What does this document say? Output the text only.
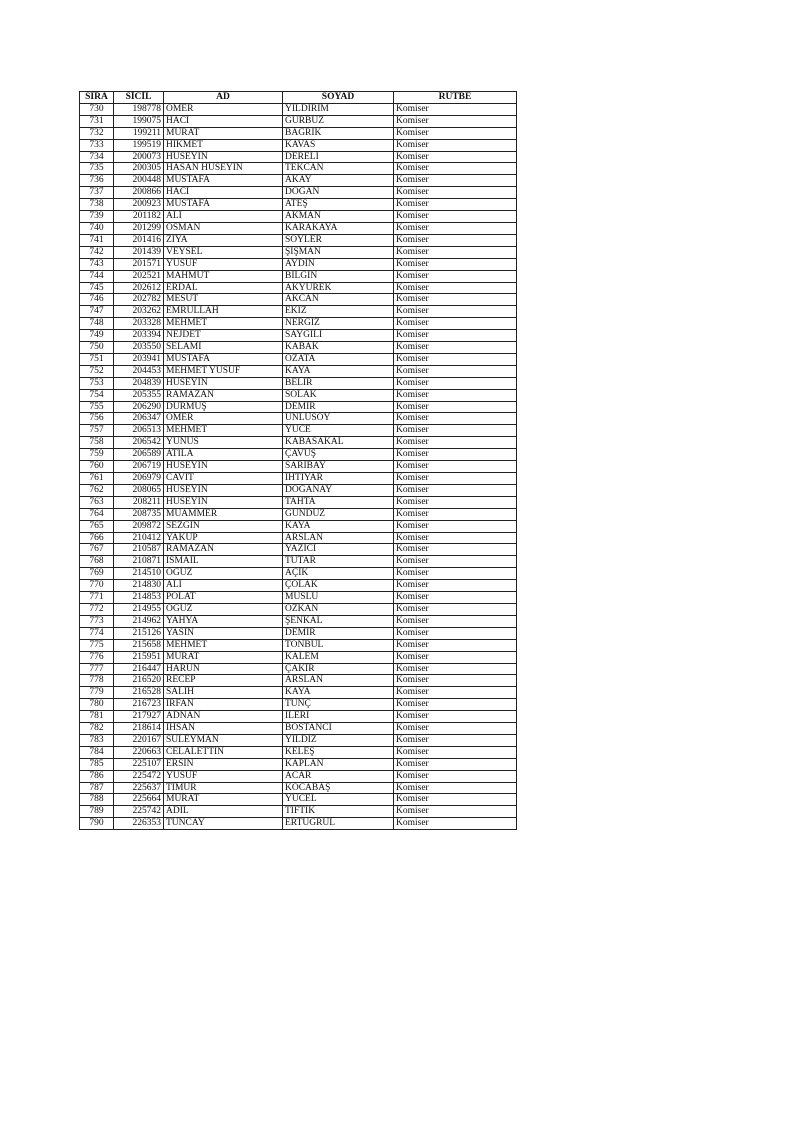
SIRA	SİCİL	AD	SOYAD	RÜTBE
730	198778	ÖMER	YILDIRIM	Komiser
731	199075	HACI	GÜRBÜZ	Komiser
732	199211	MURAT	BAĞRIK	Komiser
733	199519	HİKMET	KAVAS	Komiser
734	200073	HÜSEYİN	DERELİ	Komiser
735	200305	HASAN HÜSEYİN	TEKCAN	Komiser
736	200448	MUSTAFA	AKAY	Komiser
737	200866	HACI	DOĞAN	Komiser
738	200923	MUSTAFA	ATEŞ	Komiser
739	201182	ALİ	AKMAN	Komiser
740	201299	OSMAN	KARAKAYA	Komiser
741	201416	ZİYA	SÖYLER	Komiser
742	201439	VEYSEL	ŞİŞMAN	Komiser
743	201571	YUSUF	AYDIN	Komiser
744	202521	MAHMUT	BİLGİN	Komiser
745	202612	ERDAL	AKYÜREK	Komiser
746	202782	MESUT	AKCAN	Komiser
747	203262	EMRULLAH	EKİZ	Komiser
748	203328	MEHMET	NERGİZ	Komiser
749	203394	NEJDET	SAYGILI	Komiser
750	203550	SELAMİ	KABAK	Komiser
751	203941	MUSTAFA	ÖZATA	Komiser
752	204453	MEHMET YUSUF	KAYA	Komiser
753	204839	HÜSEYİN	BELİR	Komiser
754	205355	RAMAZAN	SOLAK	Komiser
755	206290	DURMUŞ	DEMİR	Komiser
756	206347	ÖMER	ÜNLÜSOY	Komiser
757	206513	MEHMET	YÜCE	Komiser
758	206542	YUNUS	KABASAKAL	Komiser
759	206589	ATİLA	ÇAVUŞ	Komiser
760	206719	HÜSEYİN	SARIBAY	Komiser
761	206979	CAVİT	İHTİYAR	Komiser
762	208065	HÜSEYİN	DOĞANAY	Komiser
763	208211	HÜSEYİN	TAHTA	Komiser
764	208735	MUAMMER	GÜNDÜZ	Komiser
765	209872	SEZGİN	KAYA	Komiser
766	210412	YAKUP	ARSLAN	Komiser
767	210587	RAMAZAN	YAZICI	Komiser
768	210871	İSMAİL	TUTAR	Komiser
769	214510	OĞUZ	AÇIK	Komiser
770	214830	ALİ	ÇOLAK	Komiser
771	214853	POLAT	MUSLU	Komiser
772	214955	OĞUZ	ÖZKAN	Komiser
773	214962	YAHYA	ŞENKAL	Komiser
774	215126	YASİN	DEMİR	Komiser
775	215658	MEHMET	TONBUL	Komiser
776	215951	MURAT	KALEM	Komiser
777	216447	HARUN	ÇAKIR	Komiser
778	216520	RECEP	ARSLAN	Komiser
779	216528	SALİH	KAYA	Komiser
780	216723	İRFAN	TUNÇ	Komiser
781	217927	ADNAN	İLERİ	Komiser
782	218614	İHSAN	BOSTANCI	Komiser
783	220167	SÜLEYMAN	YILDIZ	Komiser
784	220663	CELALETTİN	KELEŞ	Komiser
785	225107	ERSİN	KAPLAN	Komiser
786	225472	YUSUF	ACAR	Komiser
787	225637	TİMUR	KOCABAŞ	Komiser
788	225664	MURAT	YÜCEL	Komiser
789	225742	ADİL	TİFTİK	Komiser
790	226353	TUNCAY	ERTUĞRUL	Komiser
